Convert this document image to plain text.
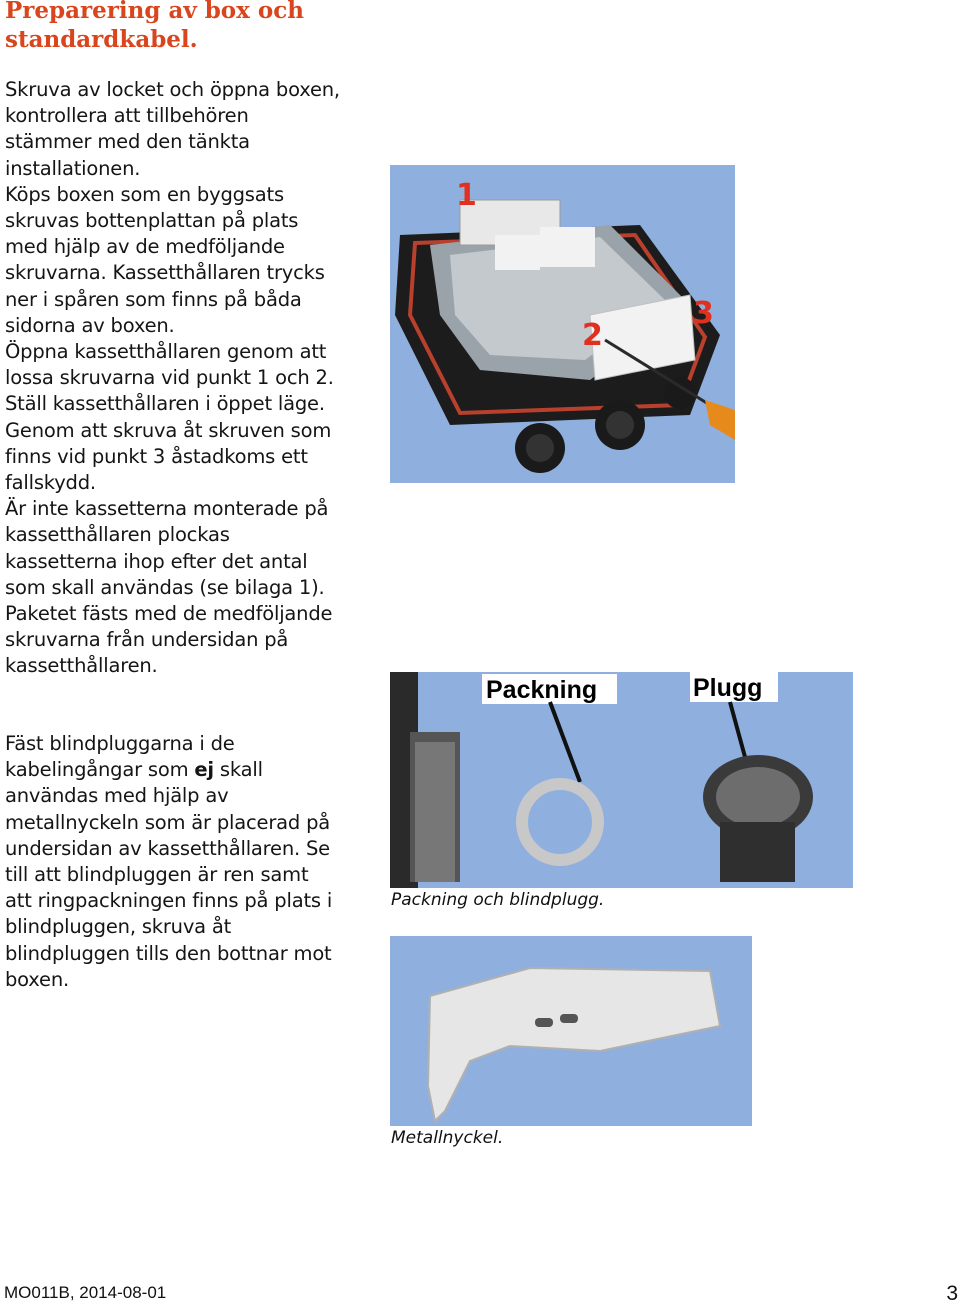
Preparering av box och standardkabel.

Skruva av locket och öppna boxen, kontrollera att tillbehören stämmer med den tänkta installationen.

Köps boxen som en byggsats skruvas bottenplattan på plats med hjälp av de medföljande skruvarna. Kassetthållaren trycks ner i spåren som finns på båda sidorna av boxen.

Öppna kassetthållaren genom att lossa skruvarna vid punkt 1 och 2. Ställ kassetthållaren i öppet läge. Genom att skruva åt skruven som finns vid punkt 3 åstadkoms ett fallskydd.

Är inte kassetterna monterade på kassetthållaren plockas kassetterna ihop efter det antal som skall användas (se bilaga 1). Paketet fästs med de medföljande skruvarna från undersidan på kassetthållaren.

Fäst blindpluggarna i de kabelingångar som ej skall användas med hjälp av metallnyckeln som är placerad på undersidan av kassetthållaren. Se till att blindpluggen är ren samt att ringpackningen finns på plats i blindpluggen, skruva åt blindpluggen tills den bottnar mot boxen.
1
2
3
Packning	Plugg
Packning och blindplugg.
Metallnyckel.
MO011B, 2014-08-01	3
